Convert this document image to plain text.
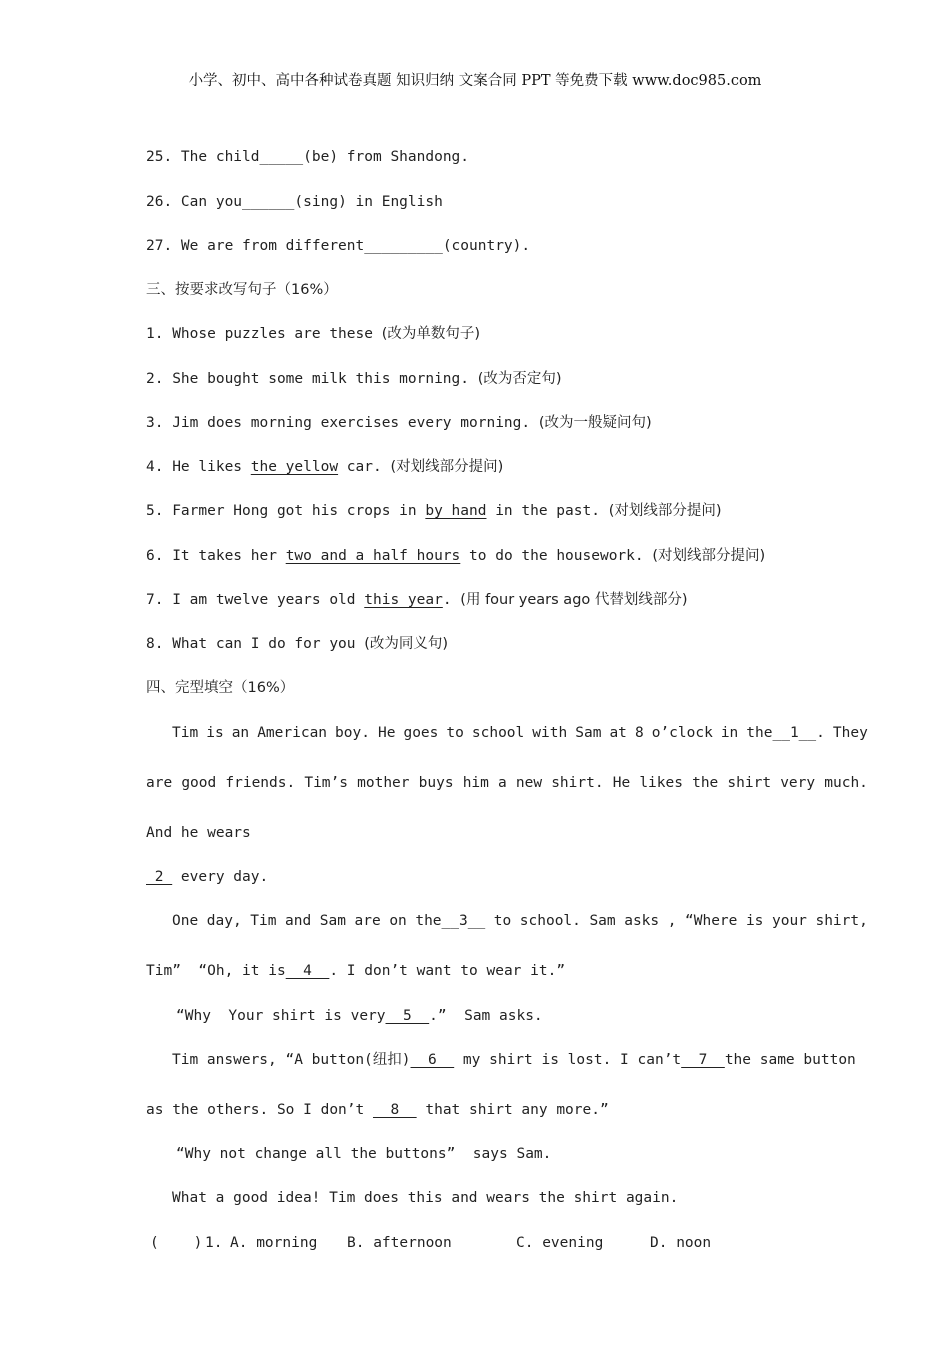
小学、初中、高中各种试卷真题 知识归纳 文案合同 PPT 等免费下载 www.doc985.com
25. The child_____(be) from Shandong.
26. Can you______(sing) in English
27. We are from different_________(country).
三、按要求改写句子（16%）
1. Whose puzzles are these (改为单数句子)
2. She bought some milk this morning. (改为否定句)
3. Jim does morning exercises every morning. (改为一般疑问句)
4. He likes the yellow car. (对划线部分提问)
5. Farmer Hong got his crops in by hand in the past. (对划线部分提问)
6. It takes her two and a half hours to do the housework. (对划线部分提问)
7. I am twelve years old this year. (用 four years ago 代替划线部分)
8. What can I do for you (改为同义句)
四、完型填空（16%）
Tim is an American boy. He goes to school with Sam at 8 o’clock in the__1__. They
are good friends. Tim’s mother buys him a new shirt. He likes the shirt very much.
And he wears
2  every day.
One day, Tim and Sam are on the__3__ to school. Sam asks , “Where is your shirt,
Tim”  “Oh, it is  4  . I don’t want to wear it.”
“Why  Your shirt is very  5  .”  Sam asks.
Tim answers, “A button(纽扣)  6   my shirt is lost. I can’t  7  the same button
as the others. So I don’t   8   that shirt any more.”
“Why not change all the buttons”  says Sam.
What a good idea! Tim does this and wears the shirt again.
(    ) 1. A. morning B. afternoon	C. evening	D. noon
